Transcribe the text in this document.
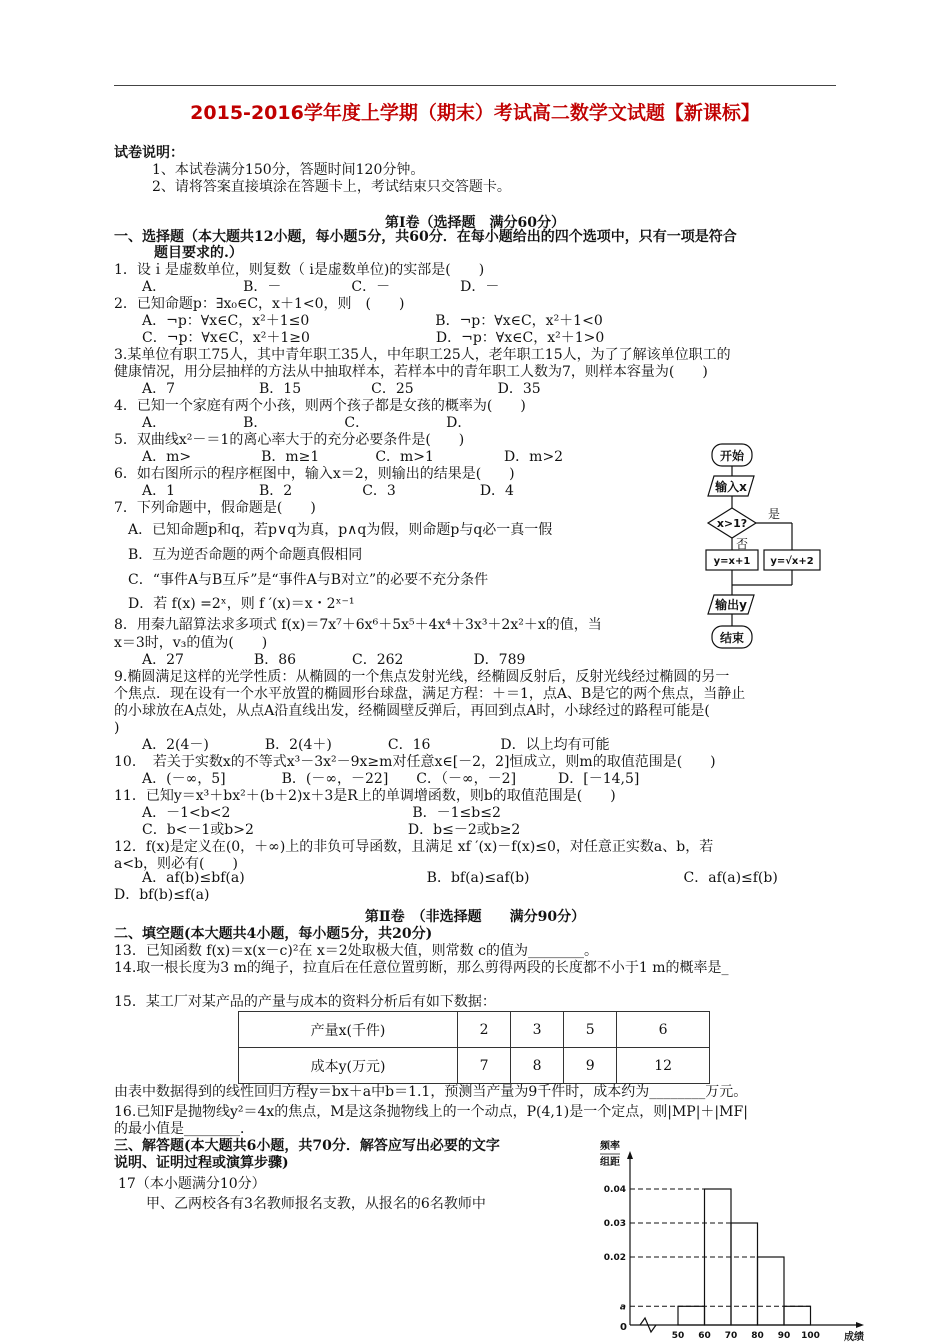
2015-2016学年度上学期（期末）考试高二数学文试题【新课标】
试卷说明：
1、本试卷满分150分，答题时间120分钟。
2、请将答案直接填涂在答题卡上，考试结束只交答题卡。
第Ⅰ卷（选择题　满分60分）
一、选择题（本大题共12小题，每小题5分，共60分．在每小题给出的四个选项中，只有一项是符合
题目要求的.）
1．设ｉ是虚数单位，则复数（ i是虚数单位)的实部是(　　)
　　A．　　　　　　B．－　　　　　C．－　　　　　D．－
2．已知命题p：∃x₀∈C，x＋1<0，则　(　　)
　　A．¬p：∀x∈C，x²＋1≤0　　　　　　　　　B．¬p：∀x∈C，x²＋1<0
　　C．¬p：∀x∈C，x²＋1≥0　　　　　　　　　D．¬p：∀x∈C，x²＋1>0
3.某单位有职工75人，其中青年职工35人，中年职工25人，老年职工15人，为了了解该单位职工的
健康情况，用分层抽样的方法从中抽取样本，若样本中的青年职工人数为7，则样本容量为(　　)
　　A．7　　　　　　B．15　　　　　C．25　　　　　　D．35
4．已知一个家庭有两个小孩，则两个孩子都是女孩的概率为(　　)
　　A．　　　　　　B．　　　　　　C．　　　　　　D．
5．双曲线x²－＝1的离心率大于的充分必要条件是(　　)
　　A．m>　　　　　B．m≥1　　　　C．m>1　　　　　D．m>2
6．如右图所示的程序框图中，输入x＝2，则输出的结果是(　　)
　　A．1　　　　　　B．2　　　　　C．3　　　　　　D．4
7．下列命题中，假命题是(　　)
　A．已知命题p和q，若p∨q为真，p∧q为假，则命题p与q必一真一假
　B．互为逆否命题的两个命题真假相同
　C．“事件A与B互斥”是“事件A与B对立”的必要不充分条件
　D．若 f(x) =2ˣ，则 f ′(x)＝x・2ˣ⁻¹
8．用秦九韶算法求多项式 f(x)＝7x⁷＋6x⁶＋5x⁵＋4x⁴＋3x³＋2x²＋x的值，当
x＝3时，v₃的值为(　　)
　　A．27　　　　　B．86　　　　C．262　　　　　D．789
9.椭圆满足这样的光学性质：从椭圆的一个焦点发射光线，经椭圆反射后，反射光线经过椭圆的另一
个焦点．现在设有一个水平放置的椭圆形台球盘，满足方程：＋＝1，点A、B是它的两个焦点，当静止
的小球放在A点处，从点A沿直线出发，经椭圆壁反弹后，再回到点A时，小球经过的路程可能是(
)
　　A．2(4－)　　　　B．2(4＋)　　　　C．16　　　　　D．以上均有可能
10．　若关于实数x的不等式x³－3x²－9x≥m对任意x∈[－2，2]恒成立，则m的取值范围是(　　)
　　A．(－∞，5]　　　　B．(－∞，－22]　　C．（－∞，－2]　　　D．[－14,5]
11．已知y＝x³＋bx²＋(b＋2)x＋3是R上的单调增函数，则b的取值范围是(　　)
　　A．－1<b<2　　　　　　　　　　　　　B．－1≤b≤2
　　C．b<－1或b>2　　　　　　　　　　　D．b≤－2或b≥2
12．f(x)是定义在(0，＋∞)上的非负可导函数，且满足 xf ′(x)－f(x)≤0，对任意正实数a、b，若
a<b，则必有(　　)
　　A．af(b)≤bf(a)　　　　　　　　　　　　　B．bf(a)≤af(b)　　　　　　　　　　　C．af(a)≤f(b)
D．bf(b)≤f(a)
开始
输入x
x>1?
是
否
y=x+1 y=√x+2
输出y
结束
第Ⅱ卷　（非选择题　　满分90分）
二、填空题(本大题共4小题，每小题5分，共20分)
13．已知函数 f(x)＝x(x－c)²在 x＝2处取极大值，则常数 c的值为________。
14.取一根长度为3 m的绳子，拉直后在任意位置剪断，那么剪得两段的长度都不小于1 m的概率是_
15．某工厂对某产品的产量与成本的资料分析后有如下数据：
产量x(千件)	2	3	5	6
成本y(万元)	7	8	9	12
由表中数据得到的线性回归方程y＝bx＋a中b＝1.1，预测当产量为9千件时，成本约为________万元。
16.已知F是抛物线y²＝4x的焦点，M是这条抛物线上的一个动点，P(4,1)是一个定点，则|MP|＋|MF|
的最小值是________．
三、解答题(本大题共6小题，共70分．解答应写出必要的文字
说明、证明过程或演算步骤)
17（本小题满分10分）
甲、乙两校各有3名教师报名支教，从报名的6名教师中
频率
组距
成绩
0
a
0.02
0.03
0.04
50 60 70 80 90 100
